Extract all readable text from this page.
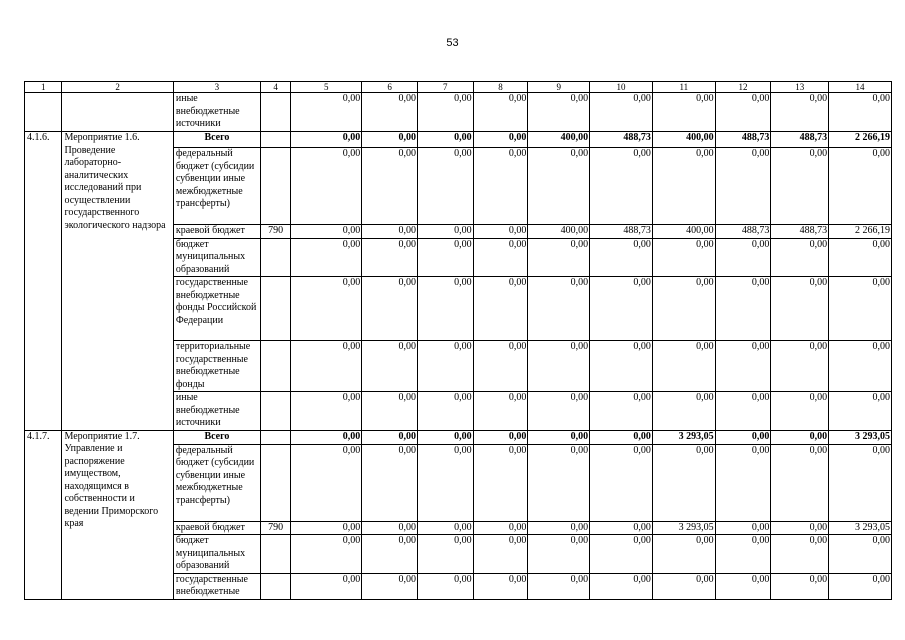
53
1	2	3	4	5	6	7	8	9	10	11	12	13	14
		иные внебюджетные источники		0,00	0,00	0,00	0,00	0,00	0,00	0,00	0,00	0,00	0,00
4.1.6.	Мероприятие 1.6. Проведение лабораторно-аналитических исследований при осуществлении государственного экологического надзора	Всего		0,00	0,00	0,00	0,00	400,00	488,73	400,00	488,73	488,73	2 266,19
		федеральный бюджет (субсидии субвенции иные межбюджетные трансферты)		0,00	0,00	0,00	0,00	0,00	0,00	0,00	0,00	0,00	0,00
		краевой бюджет	790	0,00	0,00	0,00	0,00	400,00	488,73	400,00	488,73	488,73	2 266,19
		бюджет муниципальных образований		0,00	0,00	0,00	0,00	0,00	0,00	0,00	0,00	0,00	0,00
		государственные внебюджетные фонды Российской Федерации		0,00	0,00	0,00	0,00	0,00	0,00	0,00	0,00	0,00	0,00
		территориальные государственные внебюджетные фонды		0,00	0,00	0,00	0,00	0,00	0,00	0,00	0,00	0,00	0,00
		иные внебюджетные источники		0,00	0,00	0,00	0,00	0,00	0,00	0,00	0,00	0,00	0,00
4.1.7.	Мероприятие 1.7. Управление и распоряжение имуществом, находящимся в собственности и ведении Приморского края	Всего		0,00	0,00	0,00	0,00	0,00	0,00	3 293,05	0,00	0,00	3 293,05
		федеральный бюджет (субсидии субвенции иные межбюджетные трансферты)		0,00	0,00	0,00	0,00	0,00	0,00	0,00	0,00	0,00	0,00
		краевой бюджет	790	0,00	0,00	0,00	0,00	0,00	0,00	3 293,05	0,00	0,00	3 293,05
		бюджет муниципальных образований		0,00	0,00	0,00	0,00	0,00	0,00	0,00	0,00	0,00	0,00
		государственные внебюджетные		0,00	0,00	0,00	0,00	0,00	0,00	0,00	0,00	0,00	0,00
